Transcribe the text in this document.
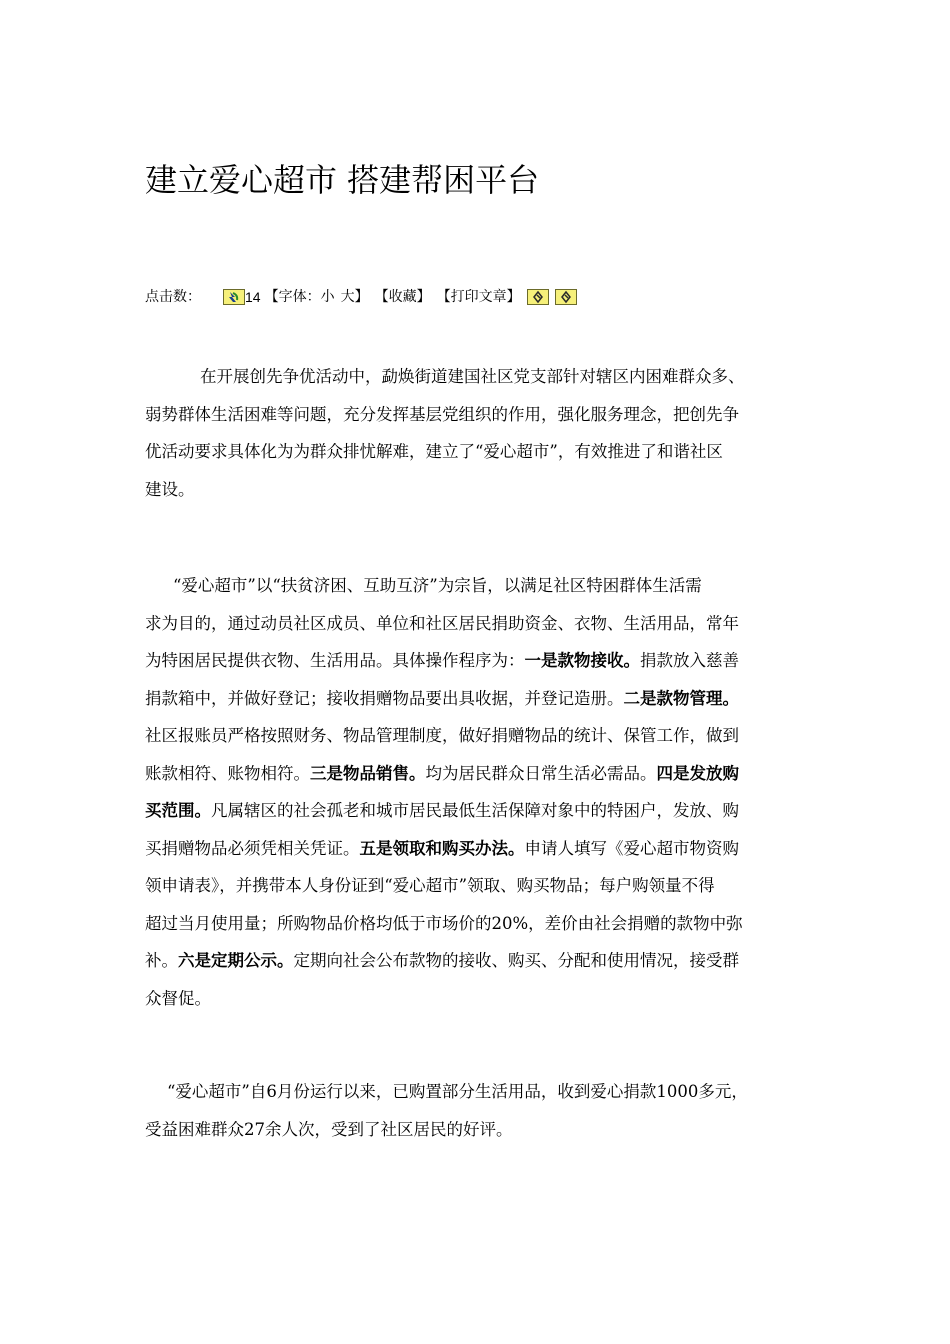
建立爱心超市 搭建帮困平台
点击数：	14 【字体： 小 大 】 【收藏】 【打印文章】
在开展创先争优活动中，勐焕街道建国社区党支部针对辖区内困难群众多、
弱势群体生活困难等问题，充分发挥基层党组织的作用，强化服务理念，把创先争
优活动要求具体化为为群众排忧解难，建立了“爱心超市”，有效推进了和谐社区
建设。
“爱心超市”以“扶贫济困、互助互济”为宗旨，以满足社区特困群体生活需
求为目的，通过动员社区成员、单位和社区居民捐助资金、衣物、生活用品，常年
为特困居民提供衣物、生活用品。具体操作程序为：一是款物接收。捐款放入慈善
捐款箱中，并做好登记；接收捐赠物品要出具收据，并登记造册。二是款物管理。
社区报账员严格按照财务、物品管理制度，做好捐赠物品的统计、保管工作，做到
账款相符、账物相符。三是物品销售。均为居民群众日常生活必需品。四是发放购
买范围。凡属辖区的社会孤老和城市居民最低生活保障对象中的特困户，发放、购
买捐赠物品必须凭相关凭证。五是领取和购买办法。申请人填写《爱心超市物资购
领申请表》，并携带本人身份证到“爱心超市”领取、购买物品；每户购领量不得
超过当月使用量；所购物品价格均低于市场价的20%，差价由社会捐赠的款物中弥
补。六是定期公示。定期向社会公布款物的接收、购买、分配和使用情况，接受群
众督促。
“爱心超市”自6月份运行以来，已购置部分生活用品，收到爱心捐款1000多元，
受益困难群众27余人次，受到了社区居民的好评。
